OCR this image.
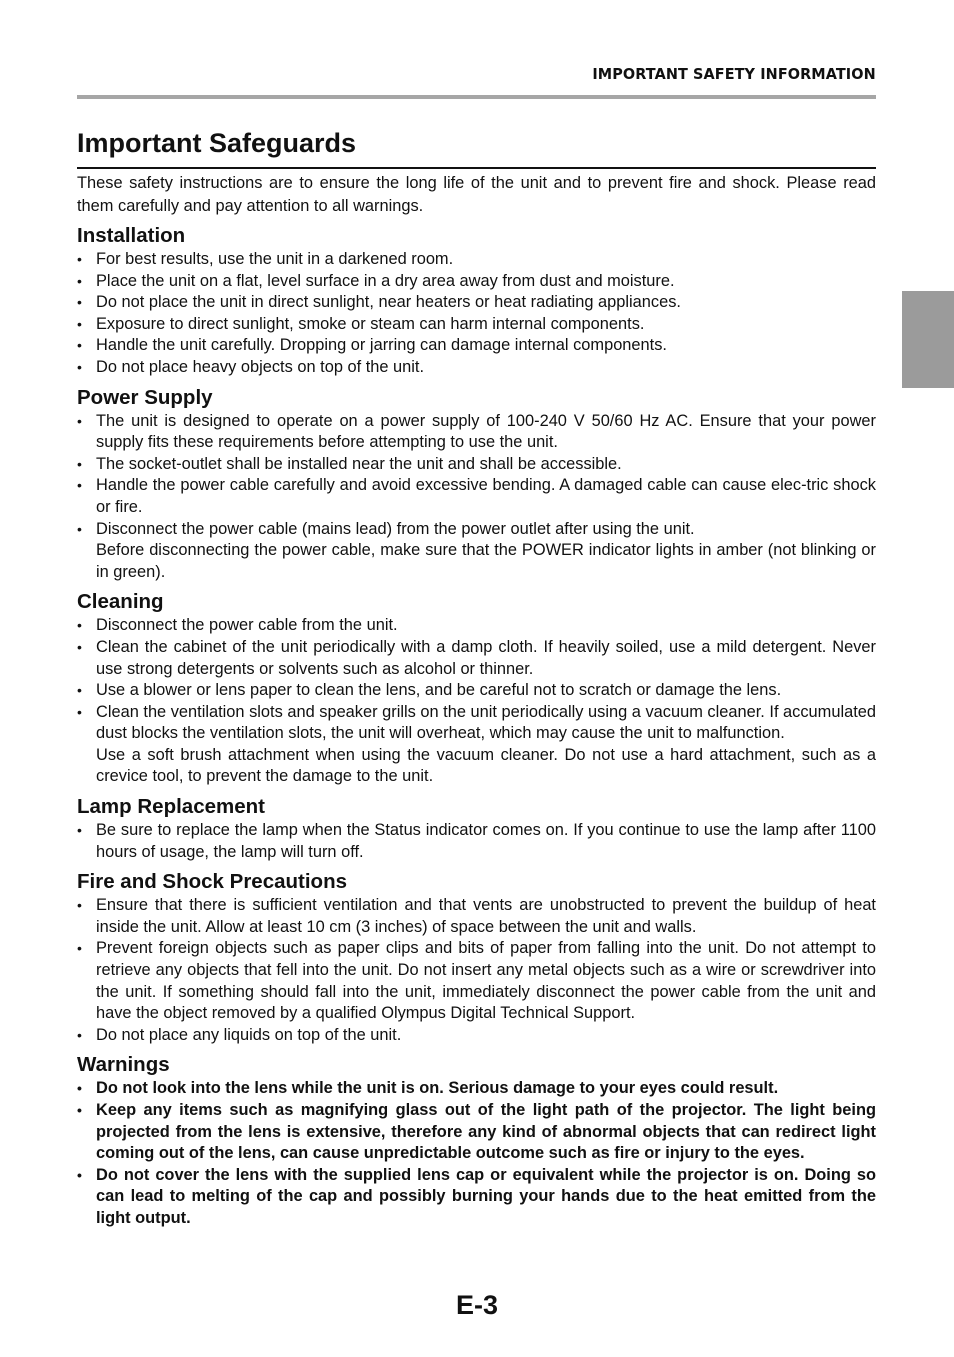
IMPORTANT SAFETY INFORMATION
Important Safeguards

These safety instructions are to ensure the long life of the unit and to prevent fire and shock. Please read them carefully and pay attention to all warnings.

Installation
• For best results, use the unit in a darkened room.
• Place the unit on a flat, level surface in a dry area away from dust and moisture.
• Do not place the unit in direct sunlight, near heaters or heat radiating appliances.
• Exposure to direct sunlight, smoke or steam can harm internal components.
• Handle the unit carefully. Dropping or jarring can damage internal components.
• Do not place heavy objects on top of the unit.
Power Supply
• The unit is designed to operate on a power supply of 100-240 V 50/60 Hz AC. Ensure that your power supply fits these requirements before attempting to use the unit.
• The socket-outlet shall be installed near the unit and shall be accessible.
• Handle the power cable carefully and avoid excessive bending. A damaged cable can cause elec-tric shock or fire.
• Disconnect the power cable (mains lead) from the power outlet after using the unit.
Before disconnecting the power cable, make sure that the POWER indicator lights in amber (not blinking or in green).
Cleaning
• Disconnect the power cable from the unit.
• Clean the cabinet of the unit periodically with a damp cloth. If heavily soiled, use a mild detergent. Never use strong detergents or solvents such as alcohol or thinner.
• Use a blower or lens paper to clean the lens, and be careful not to scratch or damage the lens.
• Clean the ventilation slots and speaker grills on the unit periodically using a vacuum cleaner. If accumulated dust blocks the ventilation slots, the unit will overheat, which may cause the unit to malfunction.
Use a soft brush attachment when using the vacuum cleaner. Do not use a hard attachment, such as a crevice tool, to prevent the damage to the unit.
Lamp Replacement
• Be sure to replace the lamp when the Status indicator comes on. If you continue to use the lamp after 1100 hours of usage, the lamp will turn off.
Fire and Shock Precautions
• Ensure that there is sufficient ventilation and that vents are unobstructed to prevent the buildup of heat inside the unit. Allow at least 10 cm (3 inches) of space between the unit and walls.
• Prevent foreign objects such as paper clips and bits of paper from falling into the unit. Do not attempt to retrieve any objects that fell into the unit. Do not insert any metal objects such as a wire or screwdriver into the unit. If something should fall into the unit, immediately disconnect the power cable from the unit and have the object removed by a qualified Olympus Digital Technical Support.
• Do not place any liquids on top of the unit.
Warnings
• Do not look into the lens while the unit is on. Serious damage to your eyes could result.
• Keep any items such as magnifying glass out of the light path of the projector. The light being projected from the lens is extensive, therefore any kind of abnormal objects that can redirect light coming out of the lens, can cause unpredictable outcome such as fire or injury to the eyes.
• Do not cover the lens with the supplied lens cap or equivalent while the projector is on. Doing so can lead to melting of the cap and possibly burning your hands due to the heat emitted from the light output.
E-3
